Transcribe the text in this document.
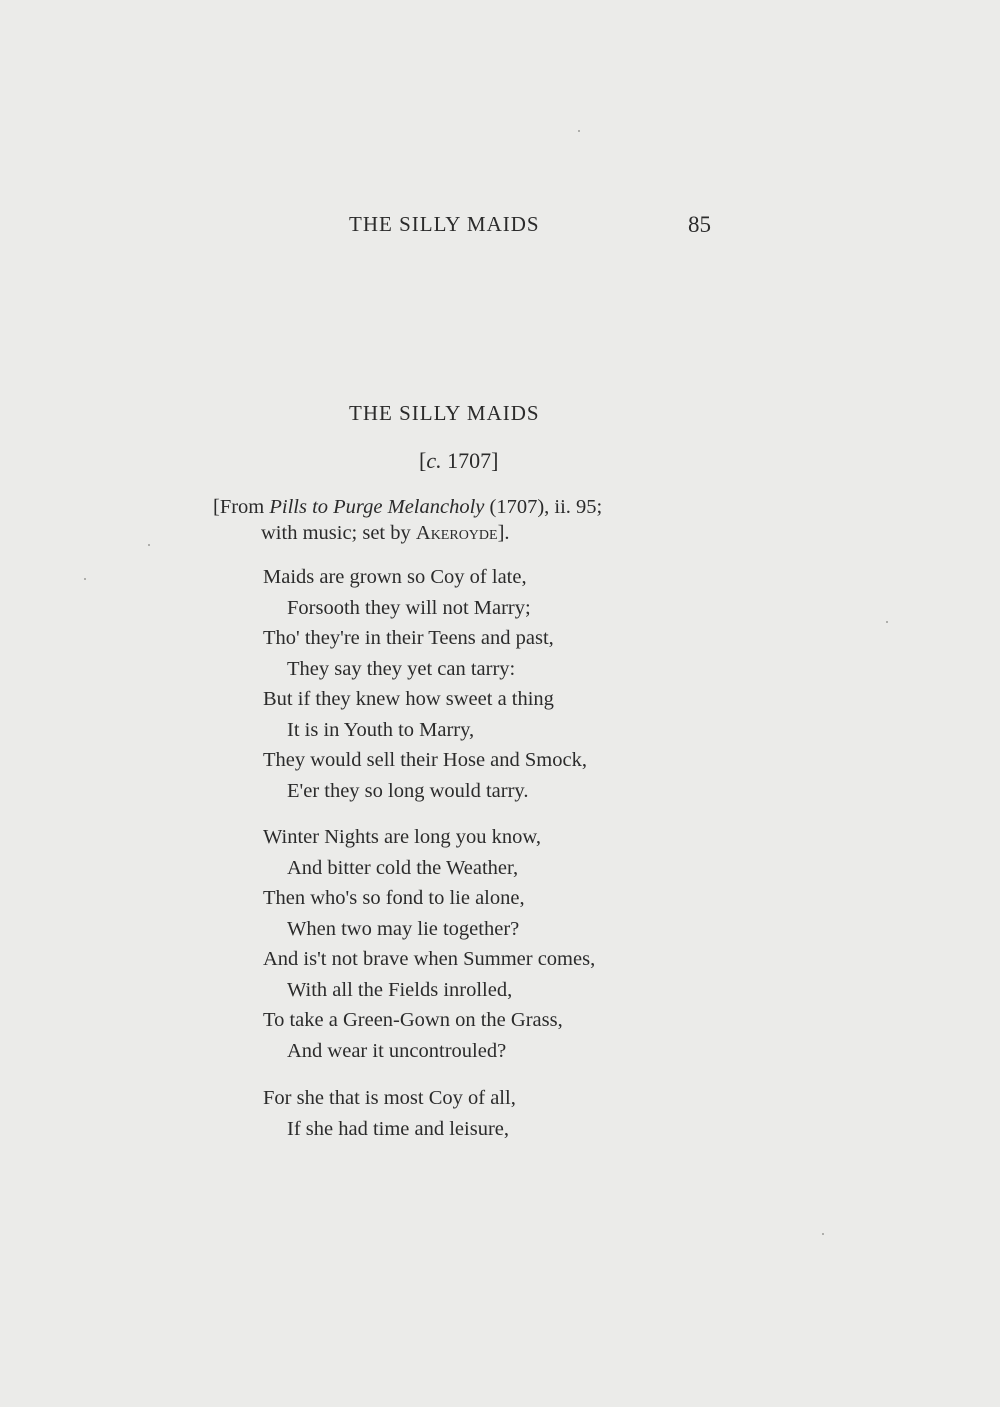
THE SILLY MAIDS	85
THE SILLY MAIDS
[c. 1707]
[From Pills to Purge Melancholy (1707), ii. 95;
with music; set by Akeroyde].
Maids are grown so Coy of late,
Forsooth they will not Marry;
Tho' they're in their Teens and past,
They say they yet can tarry:
But if they knew how sweet a thing
It is in Youth to Marry,
They would sell their Hose and Smock,
E'er they so long would tarry.
Winter Nights are long you know,
And bitter cold the Weather,
Then who's so fond to lie alone,
When two may lie together?
And is't not brave when Summer comes,
With all the Fields inrolled,
To take a Green-Gown on the Grass,
And wear it uncontrouled?
For she that is most Coy of all,
If she had time and leisure,
